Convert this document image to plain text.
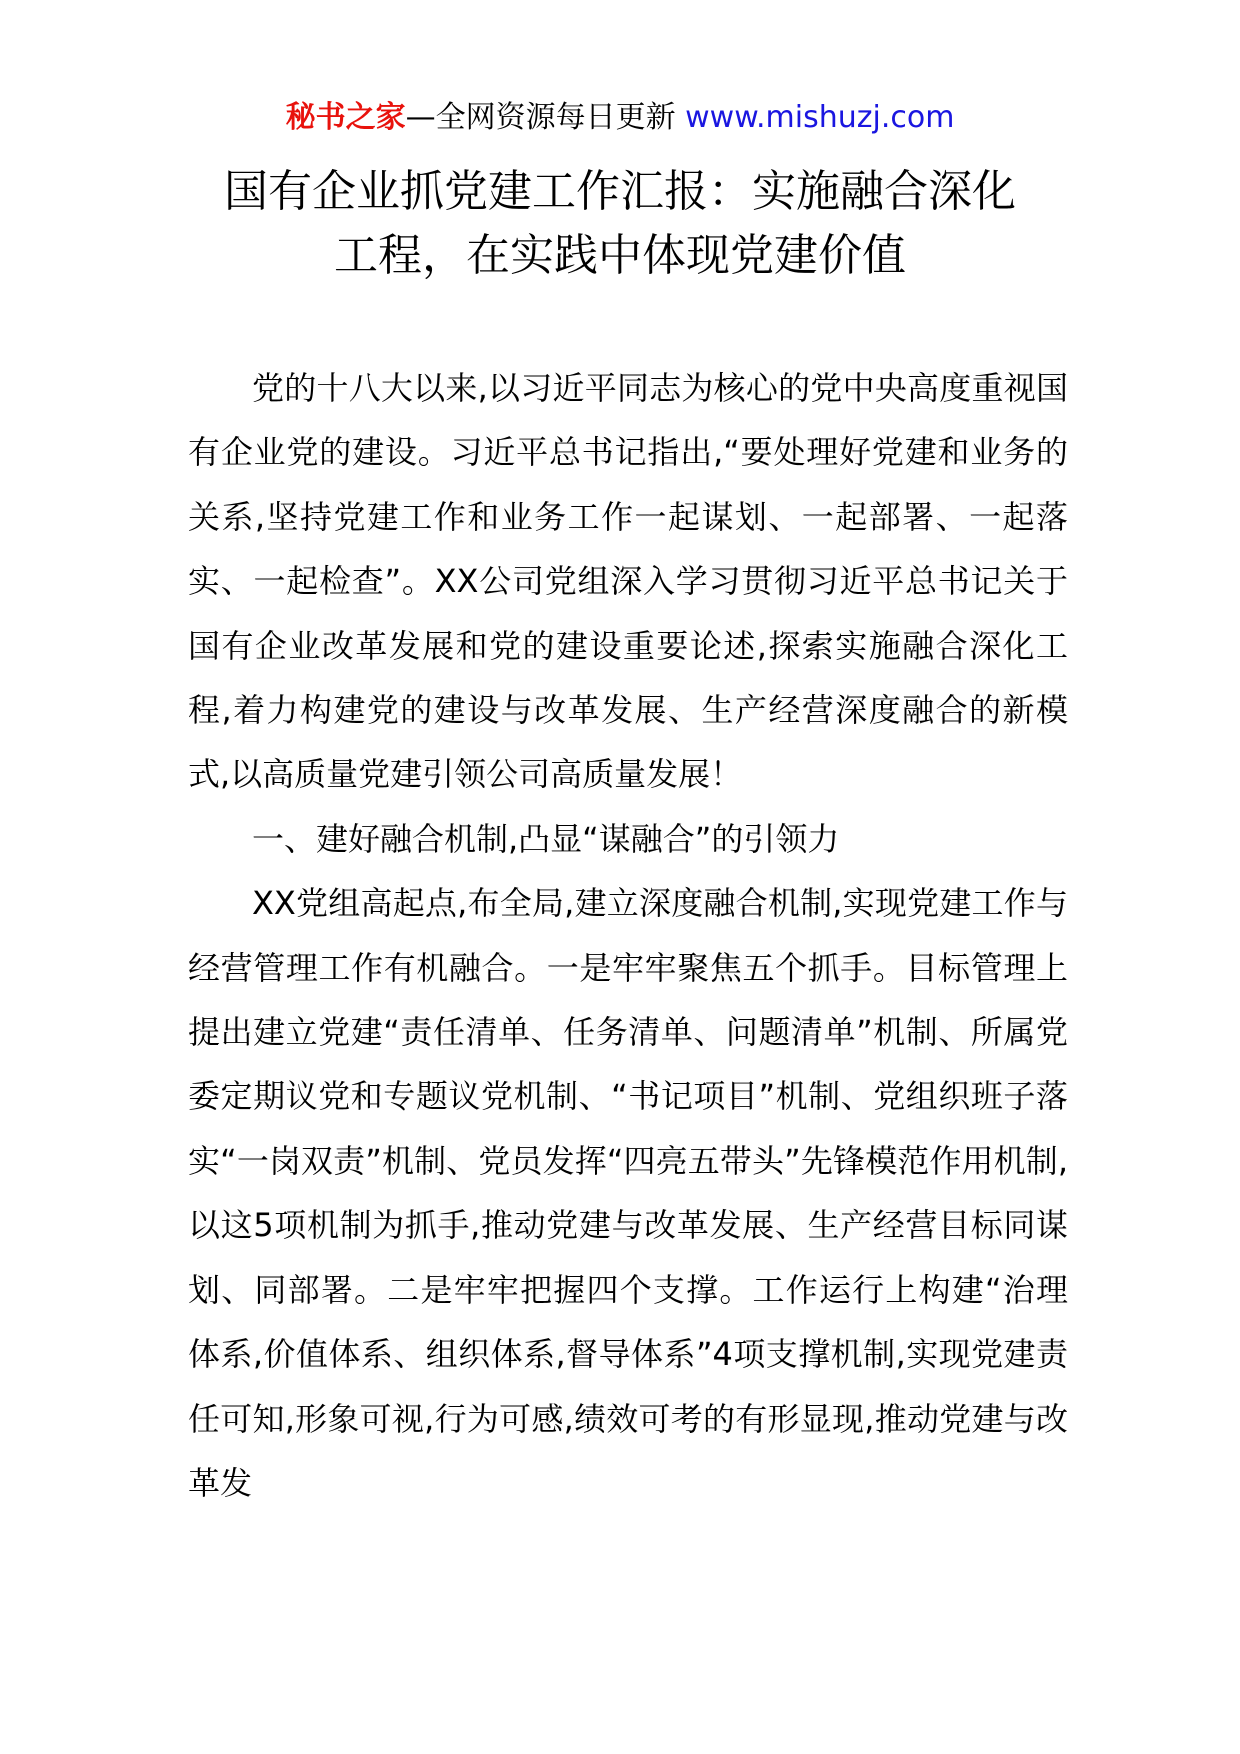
秘书之家—全网资源每日更新 www.mishuzj.com
国有企业抓党建工作汇报：实施融合深化
工程，在实践中体现党建价值

党的十八大以来,以习近平同志为核心的党中央高度重视国有企业党的建设。习近平总书记指出,“要处理好党建和业务的关系,坚持党建工作和业务工作一起谋划、一起部署、一起落实、一起检查”。XX公司党组深入学习贯彻习近平总书记关于国有企业改革发展和党的建设重要论述,探索实施融合深化工程,着力构建党的建设与改革发展、生产经营深度融合的新模式,以高质量党建引领公司高质量发展！

一、建好融合机制,凸显“谋融合”的引领力

XX党组高起点,布全局,建立深度融合机制,实现党建工作与经营管理工作有机融合。一是牢牢聚焦五个抓手。目标管理上提出建立党建“责任清单、任务清单、问题清单”机制、所属党委定期议党和专题议党机制、“书记项目”机制、党组织班子落实“一岗双责”机制、党员发挥“四亮五带头”先锋模范作用机制,以这5项机制为抓手,推动党建与改革发展、生产经营目标同谋划、同部署。二是牢牢把握四个支撑。工作运行上构建“治理体系,价值体系、组织体系,督导体系”4项支撑机制,实现党建责任可知,形象可视,行为可感,绩效可考的有形显现,推动党建与改革发
